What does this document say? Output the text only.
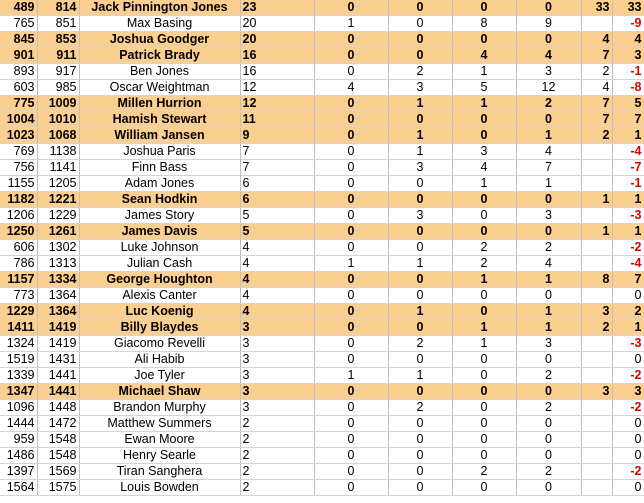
489	814	Jack Pinnington Jones	23	0	0	0	0	33	33
765	851	Max Basing	20	1	0	8	9		-9
845	853	Joshua Goodger	20	0	0	0	0	4	4
901	911	Patrick Brady	16	0	0	4	4	7	3
893	917	Ben Jones	16	0	2	1	3	2	-1
603	985	Oscar Weightman	12	4	3	5	12	4	-8
775	1009	Millen Hurrion	12	0	1	1	2	7	5
1004	1010	Hamish Stewart	11	0	0	0	0	7	7
1023	1068	William Jansen	9	0	1	0	1	2	1
769	1138	Joshua Paris	7	0	1	3	4		-4
756	1141	Finn Bass	7	0	3	4	7		-7
1155	1205	Adam Jones	6	0	0	1	1		-1
1182	1221	Sean Hodkin	6	0	0	0	0	1	1
1206	1229	James Story	5	0	3	0	3		-3
1250	1261	James Davis	5	0	0	0	0	1	1
606	1302	Luke Johnson	4	0	0	2	2		-2
786	1313	Julian Cash	4	1	1	2	4		-4
1157	1334	George Houghton	4	0	0	1	1	8	7
773	1364	Alexis Canter	4	0	0	0	0		0
1229	1364	Luc Koenig	4	0	1	0	1	3	2
1411	1419	Billy Blaydes	3	0	0	1	1	2	1
1324	1419	Giacomo Revelli	3	0	2	1	3		-3
1519	1431	Ali Habib	3	0	0	0	0		0
1339	1441	Joe Tyler	3	1	1	0	2		-2
1347	1441	Michael Shaw	3	0	0	0	0	3	3
1096	1448	Brandon Murphy	3	0	2	0	2		-2
1444	1472	Matthew Summers	2	0	0	0	0		0
959	1548	Ewan Moore	2	0	0	0	0		0
1486	1548	Henry Searle	2	0	0	0	0		0
1397	1569	Tiran Sanghera	2	0	0	2	2		-2
1564	1575	Louis Bowden	2	0	0	0	0		0
